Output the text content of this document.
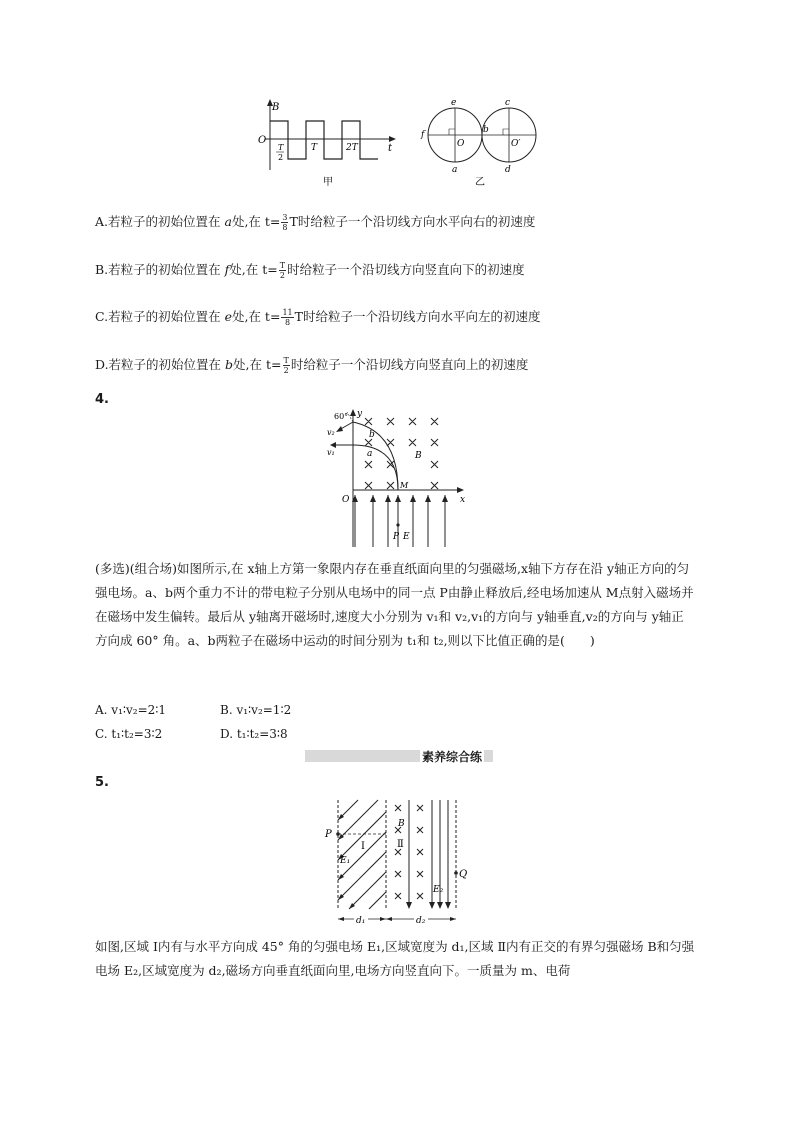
B
t
O
T
2
T	2T
甲
e	c
f	b
O	O′
a	d
乙
A.若粒子的初始位置在 a处,在 $t= \frac{3}{8}$ T时给粒子一个沿切线方向水平向右的初速度
B.若粒子的初始位置在 f处,在 $t= \frac{T}{2}$ 时给粒子一个沿切线方向竖直向下的初速度
C.若粒子的初始位置在 e处,在 $t= \frac{11}{8}$ T时给粒子一个沿切线方向水平向左的初速度
D.若粒子的初始位置在 b处,在 $t= \frac{T}{2}$ 时给粒子一个沿切线方向竖直向上的初速度
4.
60° y
x
v₂
v₁	a
b
B
M
O
P E
(多选)(组合场)如图所示,在 x轴上方第一象限内存在垂直纸面向里的匀强磁场,x轴下方存在沿 y轴正方向的匀强电场。a、b两个重力不计的带电粒子分别从电场中的同一点 P由静止释放后,经电场加速从 M点射入磁场并在磁场中发生偏转。最后从 y轴离开磁场时,速度大小分别为 v₁和 v₂,v₁的方向与 y轴垂直,v₂的方向与 y轴正方向成 60° 角。a、b两粒子在磁场中运动的时间分别为 t₁和 t₂,则以下比值正确的是(　　)
A. v₁∶v₂=2∶1	B. v₁∶v₂=1∶2
C. t₁∶t₂=3∶2	D. t₁∶t₂=3∶8
素养综合练
5.
P
Ⅰ
E₁
B
Ⅱ
E₂
Q
d₁	d₂
如图,区域 Ⅰ内有与水平方向成 45° 角的匀强电场 E₁,区域宽度为 d₁,区域 Ⅱ内有正交的有界匀强磁场 B和匀强电场 E₂,区域宽度为 d₂,磁场方向垂直纸面向里,电场方向竖直向下。一质量为 m、电荷
